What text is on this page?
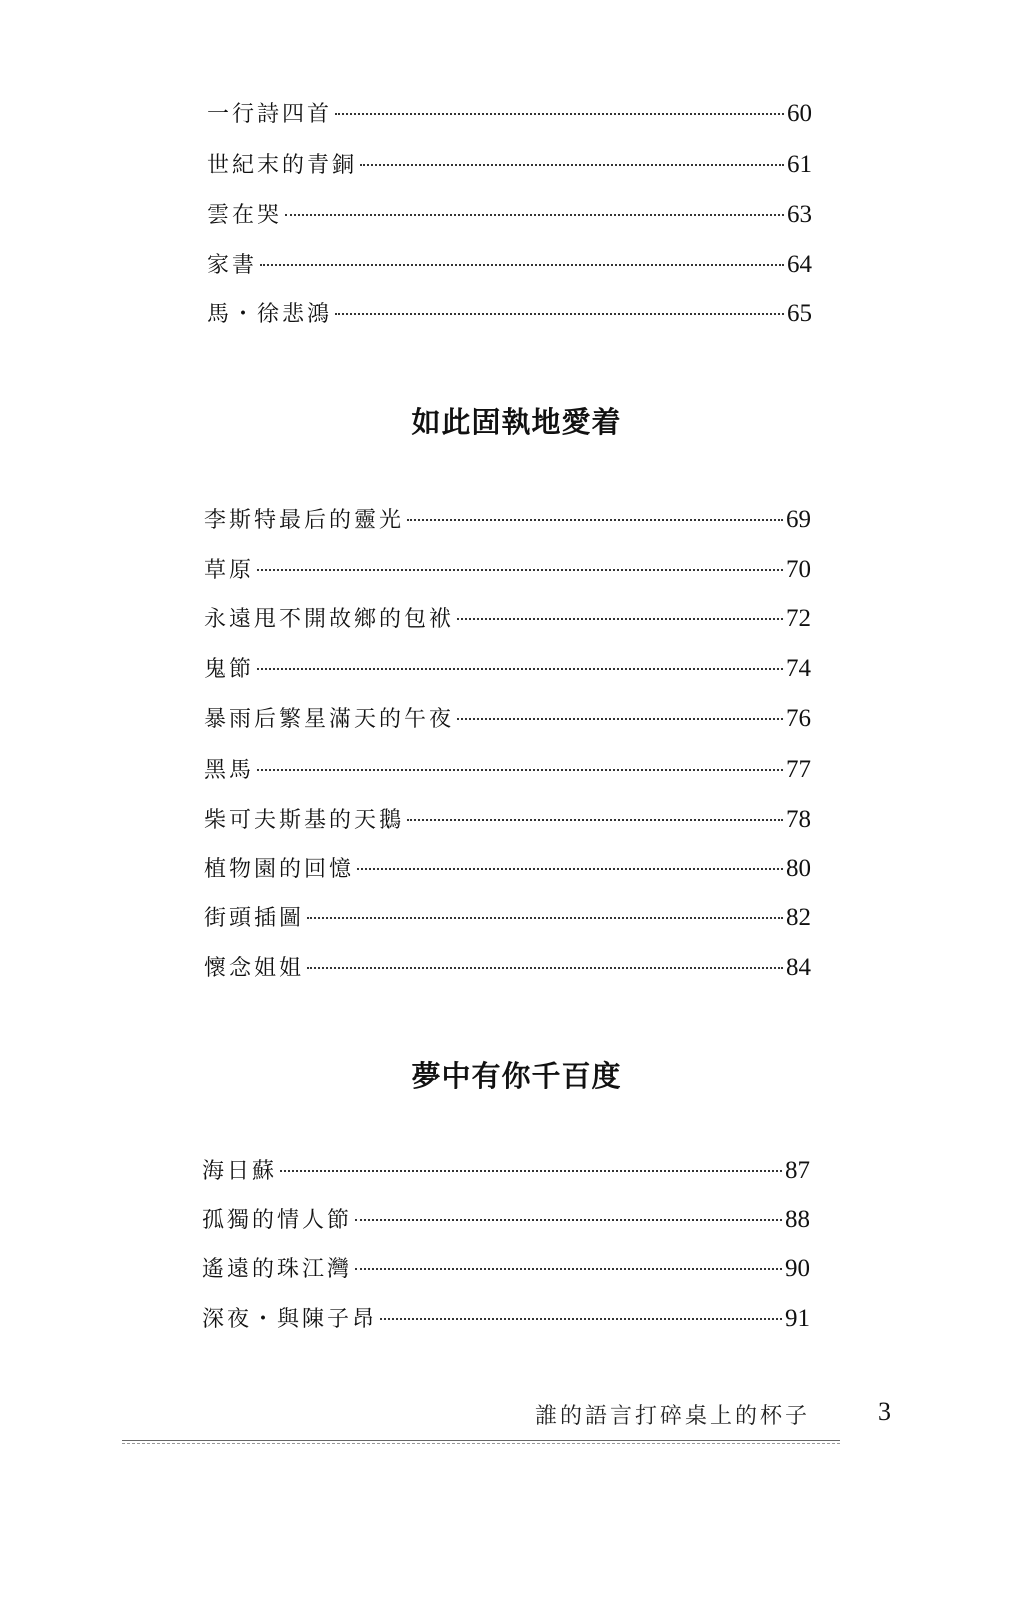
一行詩四首	60
世紀末的青銅	61
雲在哭	63
家書	64
馬・徐悲鴻	65
如此固執地愛着
李斯特最后的靈光	69
草原	70
永遠甩不開故鄉的包袱	72
鬼節	74
暴雨后繁星滿天的午夜	76
黑馬	77
柴可夫斯基的天鵝	78
植物園的回憶	80
街頭插圖	82
懷念姐姐	84
夢中有你千百度
海日蘇	87
孤獨的情人節	88
遙遠的珠江灣	90
深夜・與陳子昂	91
誰的語言打碎桌上的杯子	3
